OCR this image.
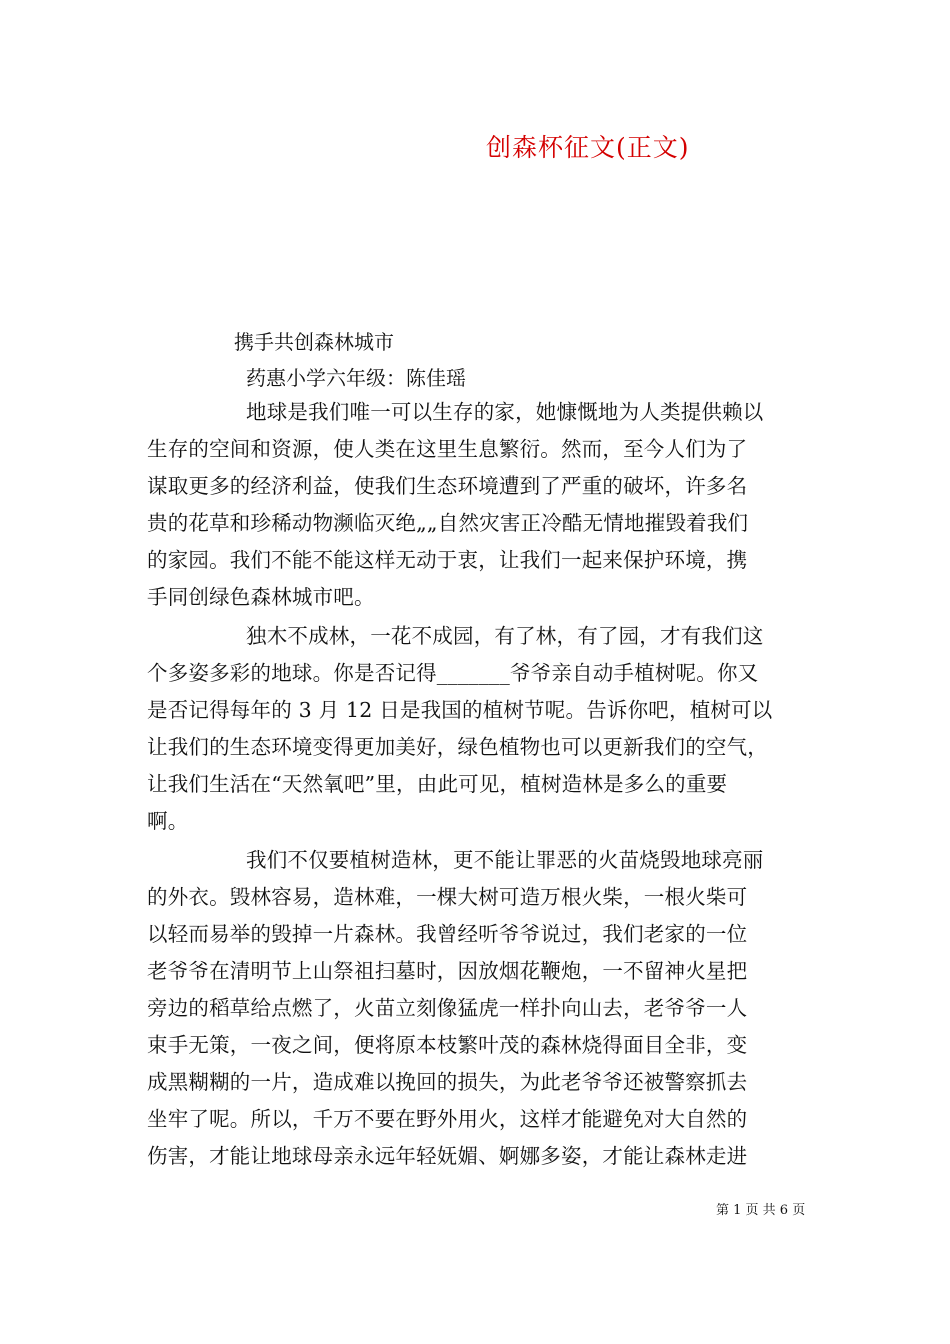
创森杯征文(正文)
携手共创森林城市
药惠小学六年级：陈佳瑶
地球是我们唯一可以生存的家，她慷慨地为人类提供赖以
生存的空间和资源，使人类在这里生息繁衍。然而，至今人们为了
谋取更多的经济利益，使我们生态环境遭到了严重的破坏，许多名
贵的花草和珍稀动物濒临灭绝„„自然灾害正冷酷无情地摧毁着我们
的家园。我们不能不能这样无动于衷，让我们一起来保护环境，携
手同创绿色森林城市吧。
独木不成林，一花不成园，有了林，有了园，才有我们这
个多姿多彩的地球。你是否记得_______爷爷亲自动手植树呢。你又
是否记得每年的 3 月 12 日是我国的植树节呢。告诉你吧，植树可以
让我们的生态环境变得更加美好，绿色植物也可以更新我们的空气，
让我们生活在“天然氧吧”里，由此可见，植树造林是多么的重要
啊。
我们不仅要植树造林，更不能让罪恶的火苗烧毁地球亮丽
的外衣。毁林容易，造林难，一棵大树可造万根火柴，一根火柴可
以轻而易举的毁掉一片森林。我曾经听爷爷说过，我们老家的一位
老爷爷在清明节上山祭祖扫墓时，因放烟花鞭炮，一不留神火星把
旁边的稻草给点燃了，火苗立刻像猛虎一样扑向山去，老爷爷一人
束手无策，一夜之间，便将原本枝繁叶茂的森林烧得面目全非，变
成黑糊糊的一片，造成难以挽回的损失，为此老爷爷还被警察抓去
坐牢了呢。所以，千万不要在野外用火，这样才能避免对大自然的
伤害，才能让地球母亲永远年轻妩媚、婀娜多姿，才能让森林走进
第 1 页 共 6 页
